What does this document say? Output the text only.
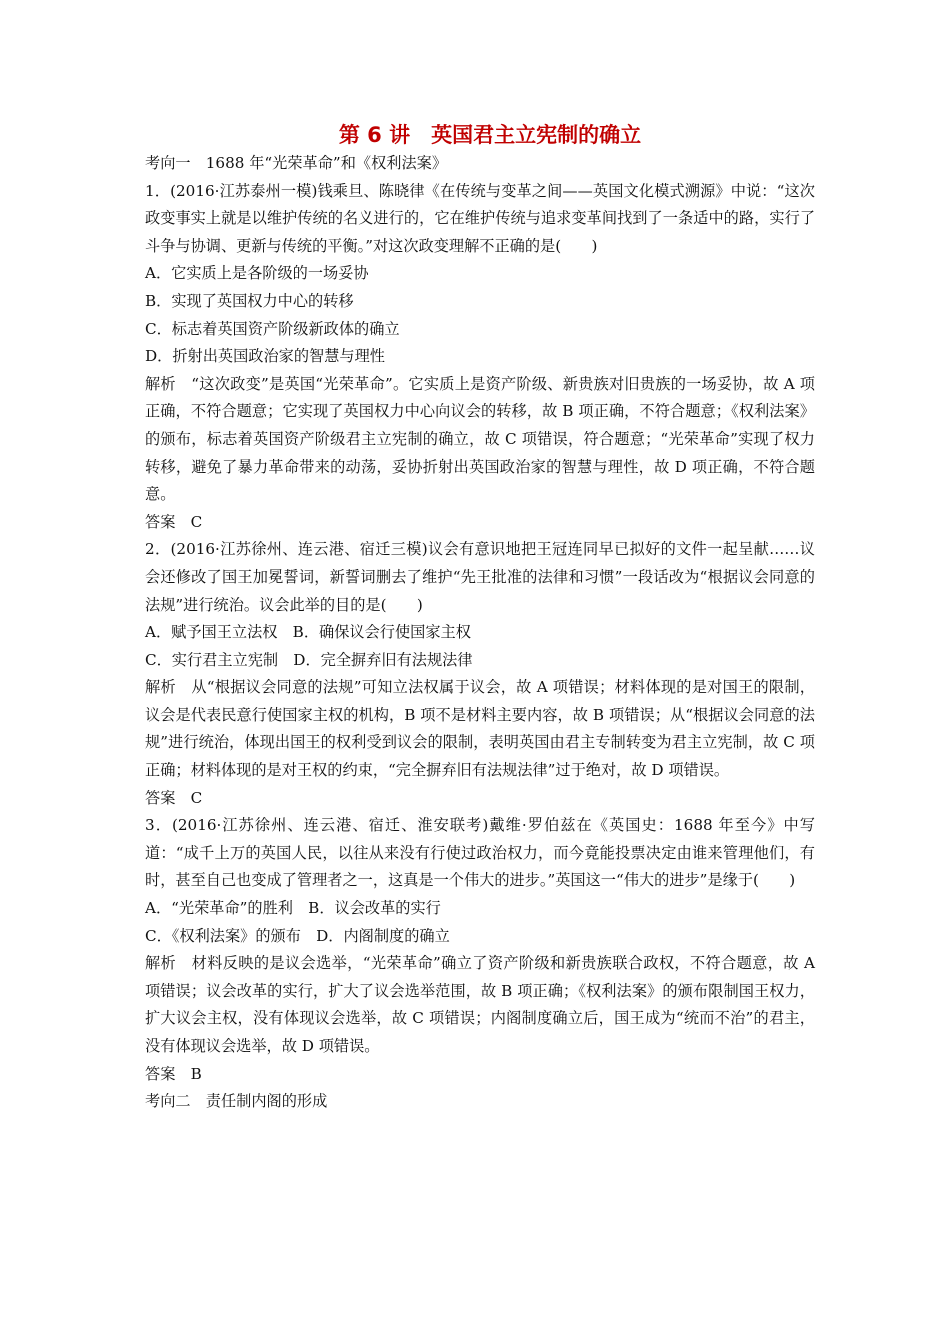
第 6 讲　英国君主立宪制的确立

考向一　1688 年“光荣革命”和《权利法案》

1．(2016·江苏泰州一模)钱乘旦、陈晓律《在传统与变革之间——英国文化模式溯源》中说：“这次政变事实上就是以维护传统的名义进行的，它在维护传统与追求变革间找到了一条适中的路，实行了斗争与协调、更新与传统的平衡。”对这次政变理解不正确的是(　　)

A．它实质上是各阶级的一场妥协

B．实现了英国权力中心的转移

C．标志着英国资产阶级新政体的确立

D．折射出英国政治家的智慧与理性

解析　“这次政变”是英国“光荣革命”。它实质上是资产阶级、新贵族对旧贵族的一场妥协，故 A 项正确，不符合题意；它实现了英国权力中心向议会的转移，故 B 项正确，不符合题意；《权利法案》的颁布，标志着英国资产阶级君主立宪制的确立，故 C 项错误，符合题意；“光荣革命”实现了权力转移，避免了暴力革命带来的动荡，妥协折射出英国政治家的智慧与理性，故 D 项正确，不符合题意。

答案　C

2．(2016·江苏徐州、连云港、宿迁三模)议会有意识地把王冠连同早已拟好的文件一起呈献……议会还修改了国王加冕誓词，新誓词删去了维护“先王批准的法律和习惯”一段话改为“根据议会同意的法规”进行统治。议会此举的目的是(　　)

A．赋予国王立法权　B．确保议会行使国家主权

C．实行君主立宪制　D．完全摒弃旧有法规法律

解析　从“根据议会同意的法规”可知立法权属于议会，故 A 项错误；材料体现的是对国王的限制，议会是代表民意行使国家主权的机构，B 项不是材料主要内容，故 B 项错误；从“根据议会同意的法规”进行统治，体现出国王的权利受到议会的限制，表明英国由君主专制转变为君主立宪制，故 C 项正确；材料体现的是对王权的约束，“完全摒弃旧有法规法律”过于绝对，故 D 项错误。

答案　C

3．(2016·江苏徐州、连云港、宿迁、淮安联考)戴维·罗伯兹在《英国史：1688 年至今》中写道：“成千上万的英国人民，以往从来没有行使过政治权力，而今竟能投票决定由谁来管理他们，有时，甚至自己也变成了管理者之一，这真是一个伟大的进步。”英国这一“伟大的进步”是缘于(　　)

A．“光荣革命”的胜利　B．议会改革的实行

C．《权利法案》的颁布　D．内阁制度的确立

解析　材料反映的是议会选举，“光荣革命”确立了资产阶级和新贵族联合政权，不符合题意，故 A 项错误；议会改革的实行，扩大了议会选举范围，故 B 项正确；《权利法案》的颁布限制国王权力，扩大议会主权，没有体现议会选举，故 C 项错误；内阁制度确立后，国王成为“统而不治”的君主，没有体现议会选举，故 D 项错误。

答案　B

考向二　责任制内阁的形成
